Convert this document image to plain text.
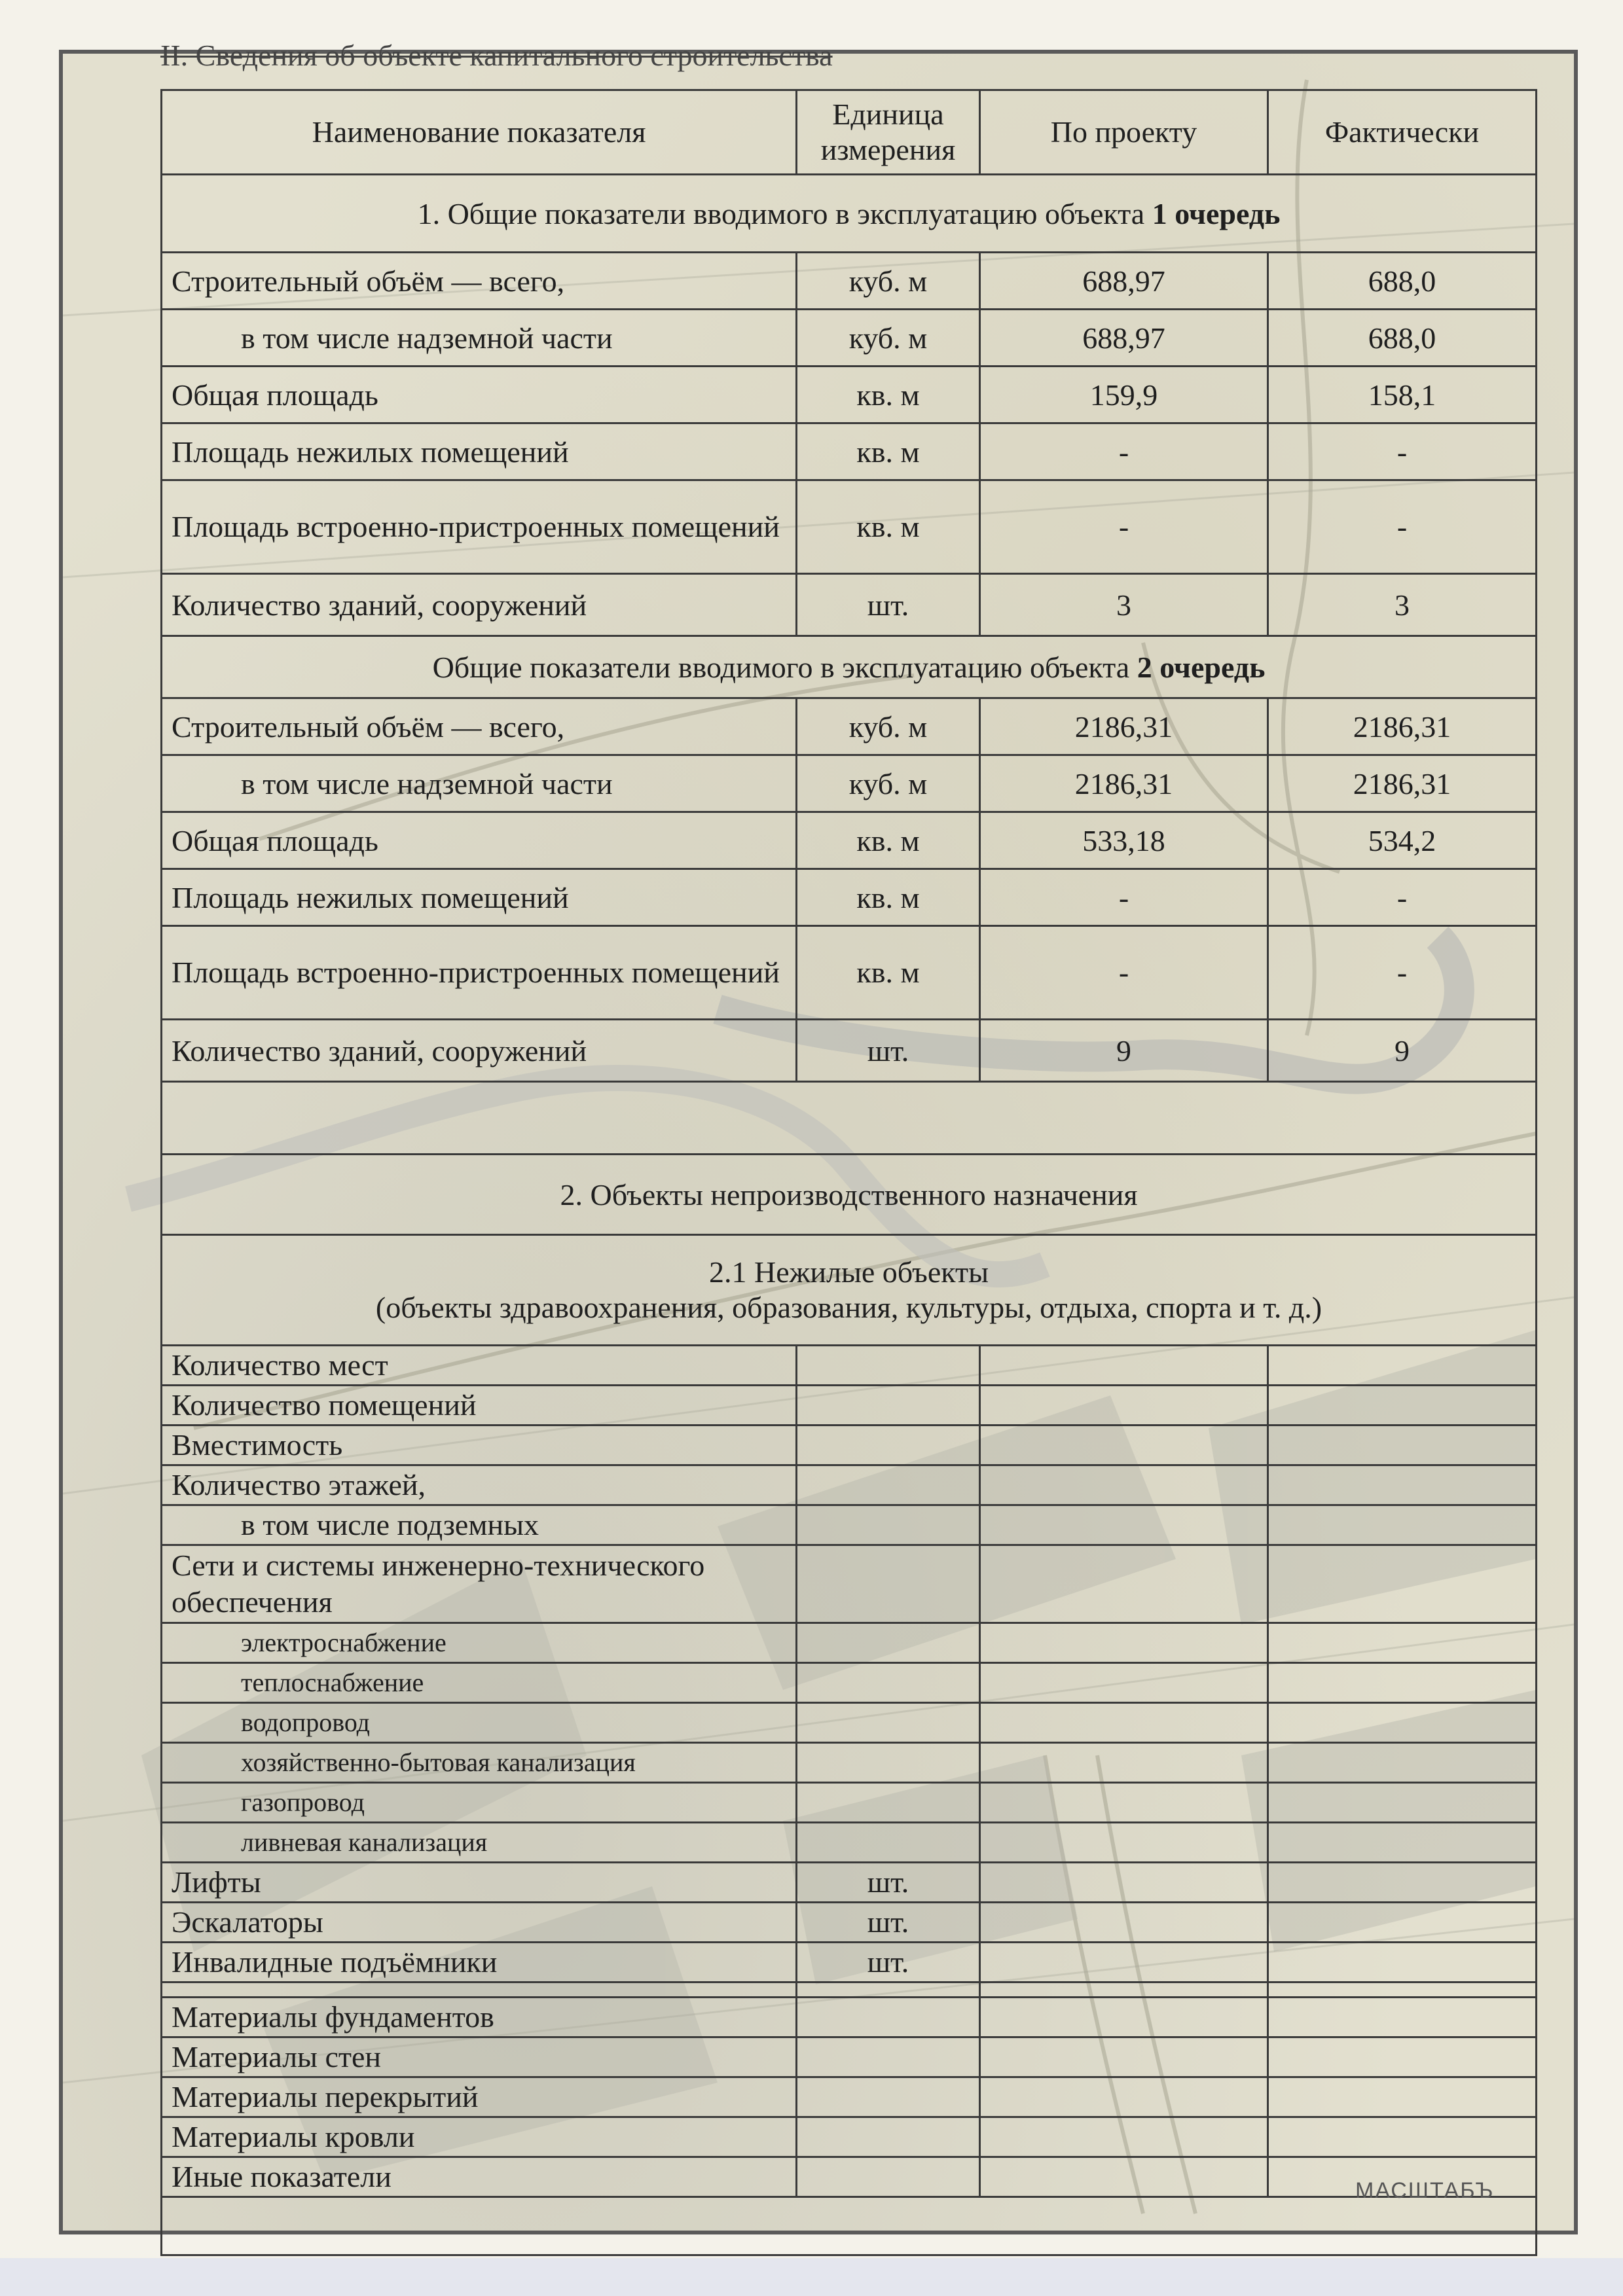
II. Сведения об объекте капитального строительства
Наименование показателя	Единица измерения	По проекту	Фактически
1. Общие показатели вводимого в эксплуатацию объекта 1 очередь			
Строительный объём — всего,	куб. м	688,97	688,0
в том числе надземной части	куб. м	688,97	688,0
Общая площадь	кв. м	159,9	158,1
Площадь нежилых помещений	кв. м	-	-
Площадь встроенно-пристроенных помещений	кв. м	-	-
Количество зданий, сооружений	шт.	3	3
Общие показатели вводимого в эксплуатацию объекта 2 очередь			
Строительный объём — всего,	куб. м	2186,31	2186,31
в том числе надземной части	куб. м	2186,31	2186,31
Общая площадь	кв. м	533,18	534,2
Площадь нежилых помещений	кв. м	-	-
Площадь встроенно-пристроенных помещений	кв. м	-	-
Количество зданий, сооружений	шт.	9	9

2. Объекты непроизводственного назначения			

2.1 Нежилые объекты
(объекты здравоохранения, образования, культуры, отдыха, спорта и т. д.)			

Количество мест			
Количество помещений			
Вместимость			
Количество этажей,			
в том числе подземных			
Сети и системы инженерно-технического обеспечения			
электроснабжение			
теплоснабжение			
водопровод			
хозяйственно-бытовая канализация			
газопровод			
ливневая канализация			
Лифты	шт.		
Эскалаторы	шт.		
Инвалидные подъёмники	шт.		

Материалы фундаментов			
Материалы стен			
Материалы перекрытий			
Материалы кровли			
Иные показатели				МАСШТАБЪ
